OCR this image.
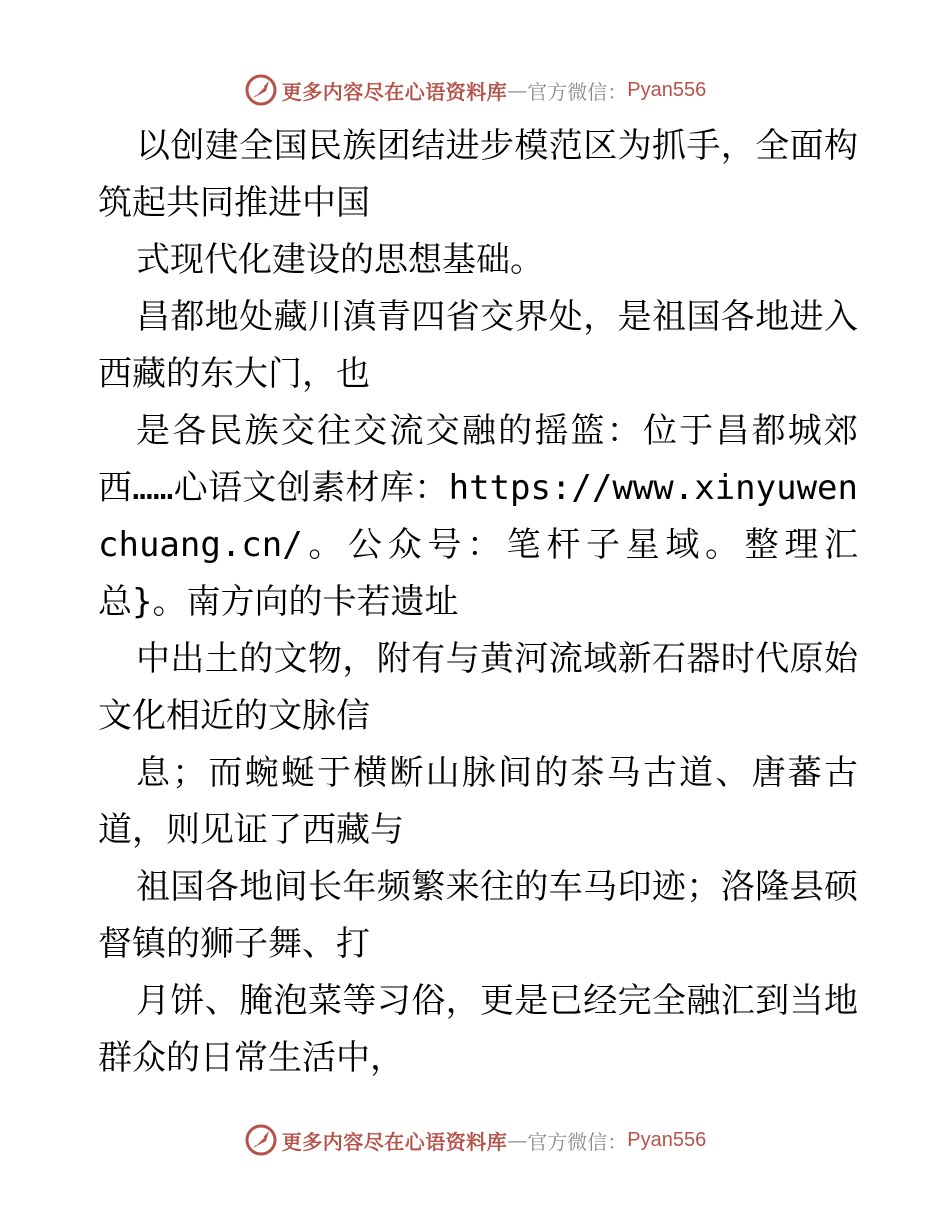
更多内容尽在心语资料库 — 官方微信： Pyan556

以创建全国民族团结进步模范区为抓手，全面构筑起共同推进中国

式现代化建设的思想基础。

昌都地处藏川滇青四省交界处，是祖国各地进入西藏的东大门，也

是各民族交往交流交融的摇篮：位于昌都城郊西……心语文创素材库：https://www.xinyuwenchuang.cn/。公众号：笔杆子星域。整理汇总}。南方向的卡若遗址

中出土的文物，附有与黄河流域新石器时代原始文化相近的文脉信

息；而蜿蜒于横断山脉间的茶马古道、唐蕃古道，则见证了西藏与

祖国各地间长年频繁来往的车马印迹；洛隆县硕督镇的狮子舞、打

月饼、腌泡菜等习俗，更是已经完全融汇到当地群众的日常生活中，

更多内容尽在心语资料库 — 官方微信： Pyan556
